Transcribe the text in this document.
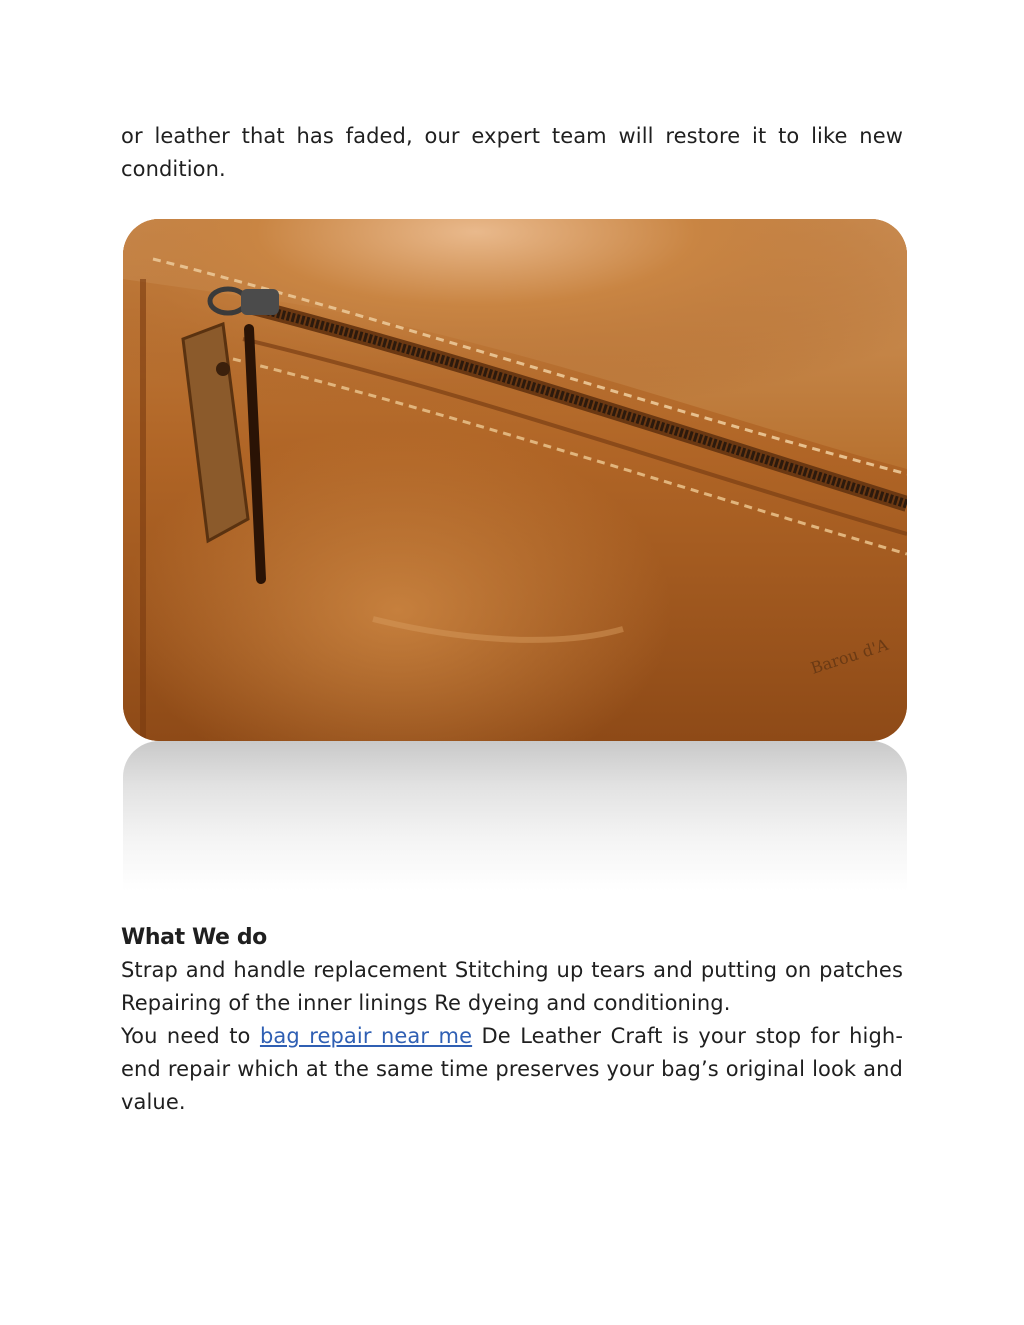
or leather that has faded, our expert team will restore it to like new condition.

Barou d'A
What We do

Strap and handle replacement Stitching up tears and putting on patches Repairing of the inner linings Re dyeing and conditioning.

You need to bag repair near me De Leather Craft is your stop for high-end repair which at the same time preserves your bag’s original look and value.
